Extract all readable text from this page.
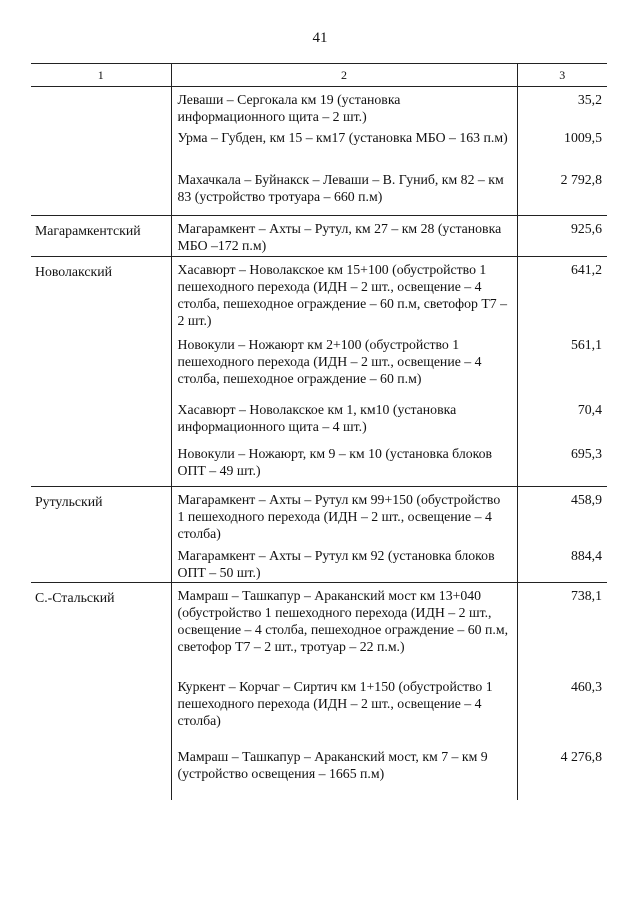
41
1	2	3

	Леваши – Сергокала км 19 (установка информационного щита – 2 шт.)	35,2

	Урма – Губден, км 15 – км17 (установка МБО – 163 п.м)	1009,5

	Махачкала – Буйнакск – Леваши – В. Гуниб, км 82 – км 83 (устройство тротуара – 660 п.м)	2 792,8
Магарамкентский	Магарамкент – Ахты – Рутул, км 27 – км 28 (установка МБО –172 п.м)	925,6
Новолакский	Хасавюрт – Новолакское км 15+100 (обустройство 1 пешеходного перехода (ИДН – 2 шт., освещение – 4 столба, пешеходное ограждение – 60 п.м, светофор Т7 – 2 шт.)	641,2

	Новокули – Ножаюрт км 2+100 (обустройство 1 пешеходного перехода (ИДН – 2 шт., освещение – 4 столба, пешеходное ограждение – 60 п.м)	561,1

	Хасавюрт – Новолакское км 1, км10 (установка информационного щита – 4 шт.)	70,4

	Новокули – Ножаюрт, км 9 – км 10 (установка блоков ОПТ – 49 шт.)	695,3
Рутульский	Магарамкент – Ахты – Рутул км 99+150 (обустройство 1 пешеходного перехода (ИДН – 2 шт., освещение – 4 столба)	458,9

	Магарамкент – Ахты – Рутул км 92 (установка блоков ОПТ – 50 шт.)	884,4
С.-Стальский	Мамраш – Ташкапур – Араканский мост км 13+040 (обустройство 1 пешеходного перехода (ИДН – 2 шт., освещение – 4 столба, пешеходное ограждение – 60 п.м, светофор Т7 – 2 шт., тротуар – 22 п.м.)	738,1

	Куркент – Корчаг – Сиртич км 1+150 (обустройство 1 пешеходного перехода (ИДН – 2 шт., освещение – 4 столба)	460,3

	Мамраш – Ташкапур – Араканский мост, км 7 – км 9 (устройство освещения – 1665 п.м)	4 276,8
